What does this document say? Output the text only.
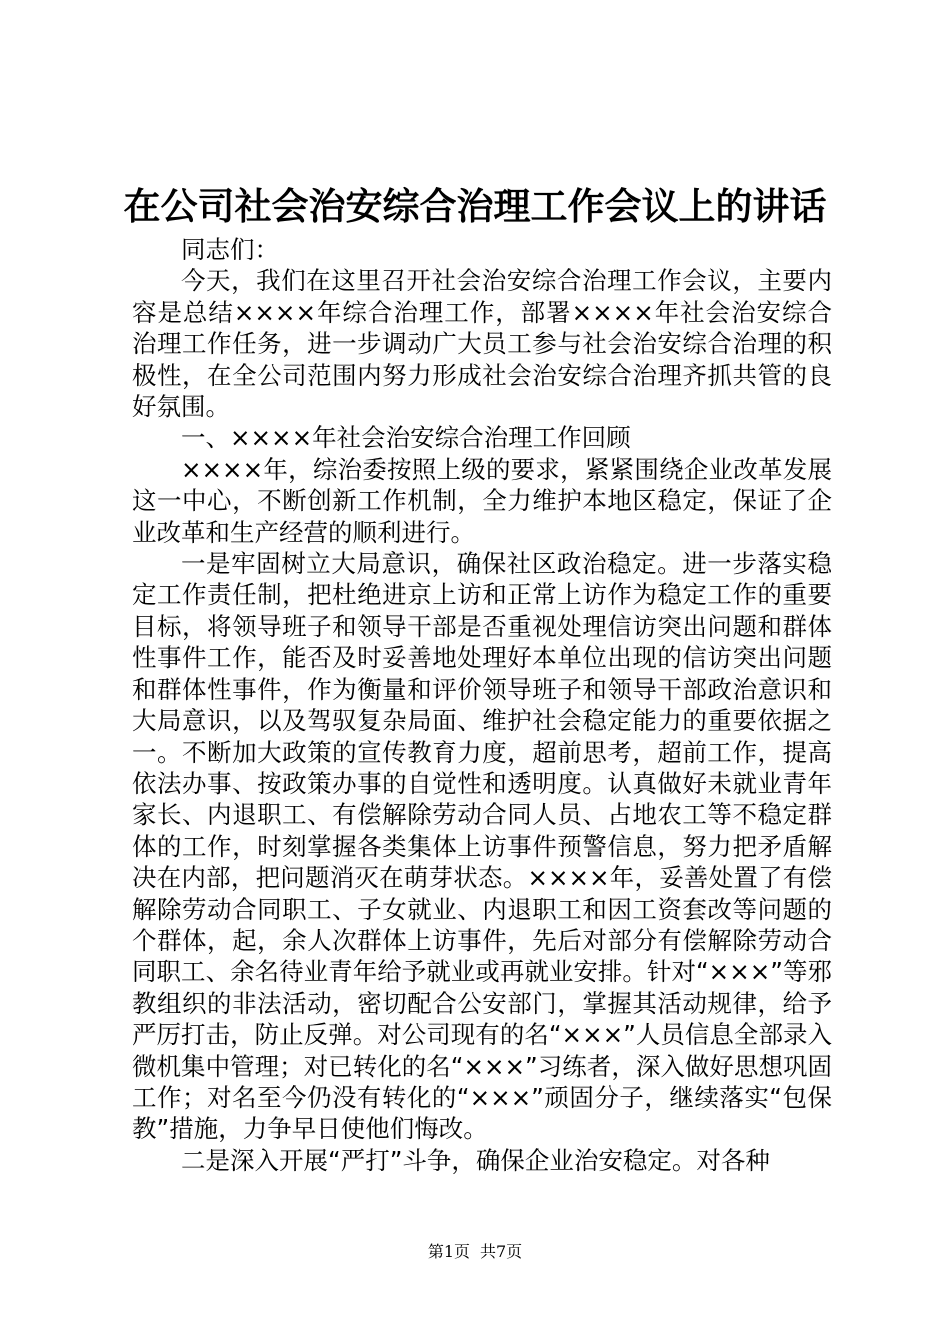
在公司社会治安综合治理工作会议上的讲话

同志们：

今天，我们在这里召开社会治安综合治理工作会议，主要内容是总结××××年综合治理工作，部署××××年社会治安综合治理工作任务，进一步调动广大员工参与社会治安综合治理的积极性，在全公司范围内努力形成社会治安综合治理齐抓共管的良好氛围。

一、××××年社会治安综合治理工作回顾

××××年，综治委按照上级的要求，紧紧围绕企业改革发展这一中心，不断创新工作机制，全力维护本地区稳定，保证了企业改革和生产经营的顺利进行。

一是牢固树立大局意识，确保社区政治稳定。进一步落实稳定工作责任制，把杜绝进京上访和正常上访作为稳定工作的重要目标，将领导班子和领导干部是否重视处理信访突出问题和群体性事件工作，能否及时妥善地处理好本单位出现的信访突出问题和群体性事件，作为衡量和评价领导班子和领导干部政治意识和大局意识，以及驾驭复杂局面、维护社会稳定能力的重要依据之一。不断加大政策的宣传教育力度，超前思考，超前工作，提高依法办事、按政策办事的自觉性和透明度。认真做好未就业青年家长、内退职工、有偿解除劳动合同人员、占地农工等不稳定群体的工作，时刻掌握各类集体上访事件预警信息，努力把矛盾解决在内部，把问题消灭在萌芽状态。××××年，妥善处置了有偿解除劳动合同职工、子女就业、内退职工和因工资套改等问题的个群体，起，余人次群体上访事件，先后对部分有偿解除劳动合同职工、余名待业青年给予就业或再就业安排。针对“×××”等邪教组织的非法活动，密切配合公安部门，掌握其活动规律，给予严厉打击，防止反弹。对公司现有的名“×××”人员信息全部录入微机集中管理；对已转化的名“×××”习练者，深入做好思想巩固工作；对名至今仍没有转化的“×××”顽固分子，继续落实“包保教”措施，力争早日使他们悔改。

二是深入开展“严打”斗争，确保企业治安稳定。对各种

第1页 共7页
